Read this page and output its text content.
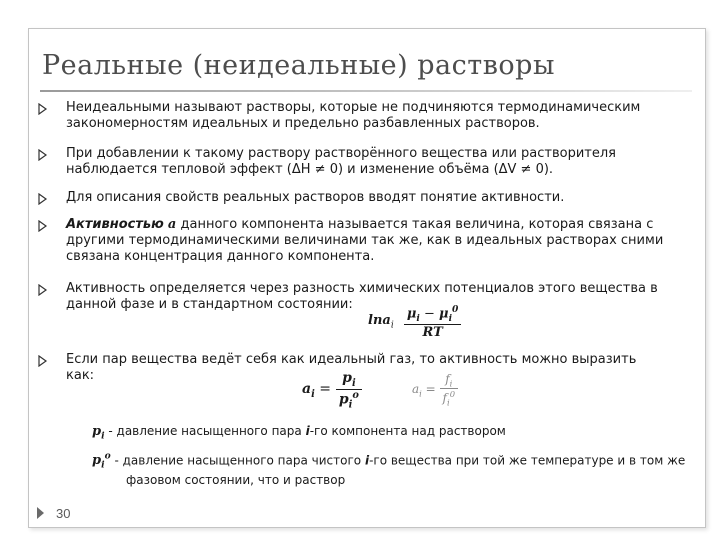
Реальные (неидеальные) растворы

Неидеальными называют растворы, которые не подчиняются термодинамическим закономерностям идеальных и предельно разбавленных растворов.

При добавлении к такому раствору растворённого вещества или растворителя наблюдается тепловой эффект (ΔH ≠ 0) и изменение объёма (ΔV ≠ 0).

Для описания свойств реальных растворов вводят понятие активности.

Активностью a данного компонента называется такая величина, которая связана с другими термодинамическими величинами так же, как в идеальных растворах сними связана концентрация данного компонента.

Активность определяется через разность химических потенциалов этого вещества в данной фазе и в стандартном состоянии:

$\ln a_i \frac{\mu_i - \mu_i^0}{RT}$

Если пар вещества ведёт себя как идеальный газ, то активность можно выразить как:

$a_i = \frac{p_i}{p_i^o}$	$a_i = \frac{f_i}{f_i^0}$
$p_i$ - давление насыщенного пара i-го компонента над раствором
$p_i^o$ - давление насыщенного пара чистого i-го вещества при той же температуре и в том же
фазовом состоянии, что и раствор
30
